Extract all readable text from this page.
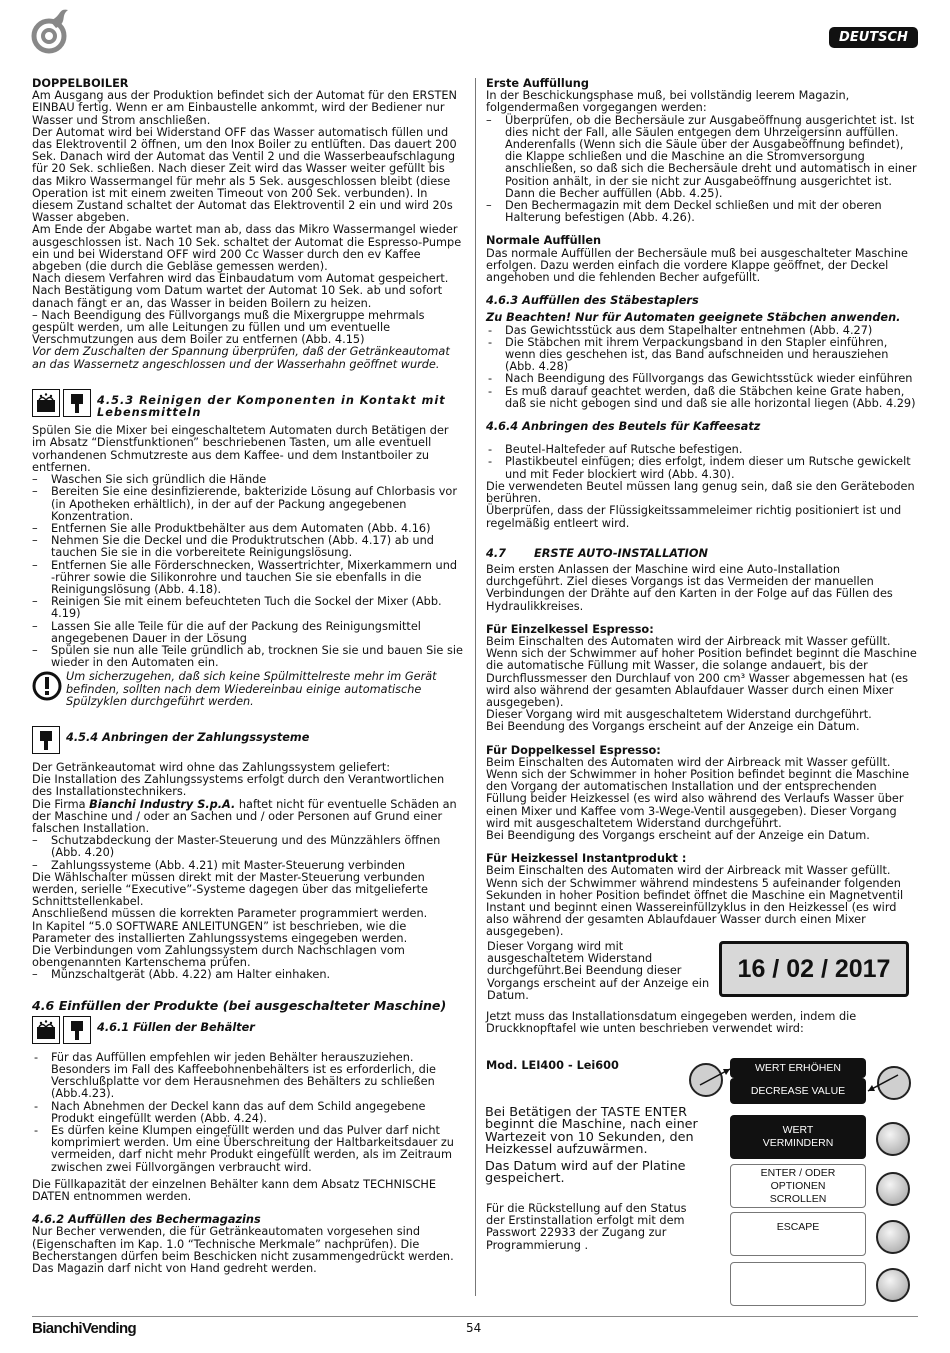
DEUTSCH

DOPPELBOILER

Am Ausgang aus der Produktion befindet sich der Automat für den ERSTEN EINBAU fertig. Wenn er am Einbaustelle ankommt, wird der Bediener nur Wasser und Strom anschließen.

Der Automat wird bei Widerstand OFF das Wasser automatisch füllen und das Elektroventil 2 öffnen, um den Inox Boiler zu entlüften. Das dauert 200 Sek. Danach wird der Automat das Ventil 2 und die Wasserbeaufschlagung für 20 Sek. schließen. Nach dieser Zeit wird das Wasser weiter gefüllt bis das Mikro Wassermangel für mehr als 5 Sek. ausgeschlossen bleibt (diese Operation ist mit einem zweiten Timeout von 200 Sek. verbunden). In diesem Zustand schaltet der Automat das Elektroventil 2 ein und wird 20s Wasser abgeben.

Am Ende der Abgabe wartet man ab, dass das Mikro Wassermangel wieder ausgeschlossen ist. Nach 10 Sek. schaltet der Automat die Espresso-Pumpe ein und bei Widerstand OFF wird 200 Cc Wasser durch den ev Kaffee abgeben (die durch die Gebläse gemessen werden).

Nach diesem Verfahren wird das Einbaudatum vom Automat gespeichert. Nach Bestätigung vom Datum wartet der Automat 10 Sek. ab und sofort danach fängt er an, das Wasser in beiden Boilern zu heizen.

– Nach Beendigung des Füllvorgangs muß die Mixergruppe mehrmals gespült werden, um alle Leitungen zu füllen und um eventuelle Verschmutzungen aus dem Boiler zu entfernen (Abb. 4.15)

Vor dem Zuschalten der Spannung überprüfen, daß der Getränkeautomat an das Wassernetz angeschlossen und der Wasserhahn geöffnet wurde.

4.5.3 Reinigen der Komponenten in Kontakt mit Lebensmitteln

Spülen Sie die Mixer bei eingeschaltetem Automaten durch Betätigen der im Absatz “Dienstfunktionen” beschriebenen Tasten, um alle eventuell vorhandenen Schmutzreste aus dem Kaffee- und dem Instantboiler zu entfernen.

– Waschen Sie sich gründlich die Hände
– Bereiten Sie eine desinfizierende, bakterizide Lösung auf Chlorbasis vor (in Apotheken erhältlich), in der auf der Packung angegebenen Konzentration.
– Entfernen Sie alle Produktbehälter aus dem Automaten (Abb. 4.16)
– Nehmen Sie die Deckel und die Produktrutschen (Abb. 4.17) ab und tauchen Sie sie in die vorbereitete Reinigungslösung.
– Entfernen Sie alle Förderschnecken, Wassertrichter, Mixerkammern und -rührer sowie die Silikonrohre und tauchen Sie sie ebenfalls in die Reinigungslösung (Abb. 4.18).
– Reinigen Sie mit einem befeuchteten Tuch die Sockel der Mixer (Abb. 4.19)
– Lassen Sie alle Teile für die auf der Packung des Reinigungsmittel angegebenen Dauer in der Lösung
– Spülen sie nun alle Teile gründlich ab, trocknen Sie sie und bauen Sie sie wieder in den Automaten ein.

Um sicherzugehen, daß sich keine Spülmittelreste mehr im Gerät befinden, sollten nach dem Wiedereinbau einige automatische Spülzyklen durchgeführt werden.

4.5.4 Anbringen der Zahlungssysteme

Der Getränkeautomat wird ohne das Zahlungssystem geliefert:

Die Installation des Zahlungssystems erfolgt durch den Verantwortlichen des Installationstechnikers.

Die Firma Bianchi Industry S.p.A. haftet nicht für eventuelle Schäden an der Maschine und / oder an Sachen und / oder Personen auf Grund einer falschen Installation.

– Schutzabdeckung der Master-Steuerung und des Münzzählers öffnen (Abb. 4.20)
– Zahlungssysteme (Abb. 4.21) mit Master-Steuerung verbinden

Die Wählschalter müssen direkt mit der Master-Steuerung verbunden werden, serielle “Executive”-Systeme dagegen über das mitgelieferte Schnittstellenkabel.

Anschließend müssen die korrekten Parameter programmiert werden.

In Kapitel “5.0 SOFTWARE ANLEITUNGEN” ist beschrieben, wie die Parameter des installierten Zahlungssystems eingegeben werden.

Die Verbindungen vom Zahlungssystem durch Nachschlagen vom obengenannten Kartenschema prüfen.

– Münzschaltgerät (Abb. 4.22) am Halter einhaken.

4.6 Einfüllen der Produkte (bei ausgeschalteter Maschine)

4.6.1 Füllen der Behälter
- Für das Auffüllen empfehlen wir jeden Behälter herauszuziehen. Besonders im Fall des Kaffeebohnenbehälters ist es erforderlich, die Verschlußplatte vor dem Herausnehmen des Behälters zu schließen (Abb.4.23).
- Nach Abnehmen der Deckel kann das auf dem Schild angegebene Produkt eingefüllt werden (Abb. 4.24).
- Es dürfen keine Klumpen eingefüllt werden und das Pulver darf nicht komprimiert werden. Um eine Überschreitung der Haltbarkeitsdauer zu vermeiden, darf nicht mehr Produkt eingefüllt werden, als im Zeitraum zwischen zwei Füllvorgängen verbraucht wird.

Die Füllkapazität der einzelnen Behälter kann dem Absatz TECHNISCHE DATEN entnommen werden.

4.6.2 Auffüllen des Bechermagazins

Nur Becher verwenden, die für Getränkeautomaten vorgesehen sind (Eigenschaften im Kap. 1.0 “Technische Merkmale” nachprüfen). Die Becherstangen dürfen beim Beschicken nicht zusammengedrückt werden. Das Magazin darf nicht von Hand gedreht werden.

Erste Auffüllung

In der Beschickungsphase muß, bei vollständig leerem Magazin, folgendermaßen vorgegangen werden:

– Überprüfen, ob die Bechersäule zur Ausgabeöffnung ausgerichtet ist. Ist dies nicht der Fall, alle Säulen entgegen dem Uhrzeigersinn auffüllen. Anderenfalls (Wenn sich die Säule über der Ausgabeöffnung befindet), die Klappe schließen und die Maschine an die Stromversorgung anschließen, so daß sich die Bechersäule dreht und automatisch in einer Position anhält, in der sie nicht zur Ausgabeöffnung ausgerichtet ist. Dann die Becher auffüllen (Abb. 4.25).
– Den Bechermagazin mit dem Deckel schließen und mit der oberen Halterung befestigen (Abb. 4.26).

Normale Auffüllen

Das normale Auffüllen der Bechersäule muß bei ausgeschalteter Maschine erfolgen. Dazu werden einfach die vordere Klappe geöffnet, der Deckel angehoben und die fehlenden Becher aufgefüllt.

4.6.3 Auffüllen des Stäbestaplers

Zu Beachten! Nur für Automaten geeignete Stäbchen anwenden.

- Das Gewichtsstück aus dem Stapelhalter entnehmen (Abb. 4.27)
- Die Stäbchen mit ihrem Verpackungsband in den Stapler einführen, wenn dies geschehen ist, das Band aufschneiden und herausziehen (Abb. 4.28)
- Nach Beendigung des Füllvorgangs das Gewichtsstück wieder einführen
- Es muß darauf geachtet werden, daß die Stäbchen keine Grate haben, daß sie nicht gebogen sind und daß sie alle horizontal liegen (Abb. 4.29)

4.6.4 Anbringen des Beutels für Kaffeesatz

- Beutel-Haltefeder auf Rutsche befestigen.
- Plastikbeutel einfügen; dies erfolgt, indem dieser um Rutsche gewickelt und mit Feder blockiert wird (Abb. 4.30).

Die verwendeten Beutel müssen lang genug sein, daß sie den Geräteboden berühren.

Überprüfen, dass der Flüssigkeitssammeleimer richtig positioniert ist und regelmäßig entleert wird.

4.7 ERSTE AUTO-INSTALLATION

Beim ersten Anlassen der Maschine wird eine Auto-Installation durchgeführt. Ziel dieses Vorgangs ist das Vermeiden der manuellen Verbindungen der Drähte auf den Karten in der Folge auf das Füllen des Hydraulikkreises.

Für Einzelkessel Espresso:

Beim Einschalten des Automaten wird der Airbreack mit Wasser gefüllt. Wenn sich der Schwimmer auf hoher Position befindet beginnt die Maschine die automatische Füllung mit Wasser, die solange andauert, bis der Durchflussmesser den Durchlauf von 200 cm³ Wasser abgemessen hat (es wird also während der gesamten Ablaufdauer Wasser durch einen Mixer ausgegeben).

Dieser Vorgang wird mit ausgeschaltetem Widerstand durchgeführt.

Bei Beendung des Vorgangs erscheint auf der Anzeige ein Datum.

Für Doppelkessel Espresso:

Beim Einschalten des Automaten wird der Airbreack mit Wasser gefüllt. Wenn sich der Schwimmer in hoher Position befindet beginnt die Maschine den Vorgang der automatischen Installation und der entsprechenden Füllung beider Heizkessel (es wird also während des Verlaufs Wasser über einen Mixer und Kaffee vom 3-Wege-Ventil ausgegeben). Dieser Vorgang wird mit ausgeschaltetem Widerstand durchgeführt.

Bei Beendigung des Vorgangs erscheint auf der Anzeige ein Datum.

Für Heizkessel Instantprodukt :

Beim Einschalten des Automaten wird der Airbreack mit Wasser gefüllt. Wenn sich der Schwimmer während mindestens 5 aufeinander folgenden Sekunden in hoher Position befindet öffnet die Maschine ein Magnetventil Instant und beginnt einen Wassereinfüllzyklus in den Heizkessel (es wird also während der gesamten Ablaufdauer Wasser durch einen Mixer ausgegeben).

Dieser Vorgang wird mit ausgeschaltetem Widerstand durchgeführt.Bei Beendung dieser Vorgangs erscheint auf der Anzeige ein Datum.

16 / 02 / 2017

Jetzt muss das Installationsdatum eingegeben werden, indem die Druckknopftafel wie unten beschrieben verwendet wird:

Mod. LEI400 - Lei600

Bei Betätigen der TASTE ENTER beginnt die Maschine, nach einer Wartezeit von 10 Sekunden, den Heizkessel aufzuwärmen.

Das Datum wird auf der Platine gespeichert.

Für die Rückstellung auf den Status der Erstinstallation erfolgt mit dem Passwort 22933 der Zugang zur Programmierung .

WERT ERHÖHEN
DECREASE VALUE
WERT VERMINDERN
ENTER / ODER OPTIONEN SCROLLEN
ESCAPE
BianchiVending	54
